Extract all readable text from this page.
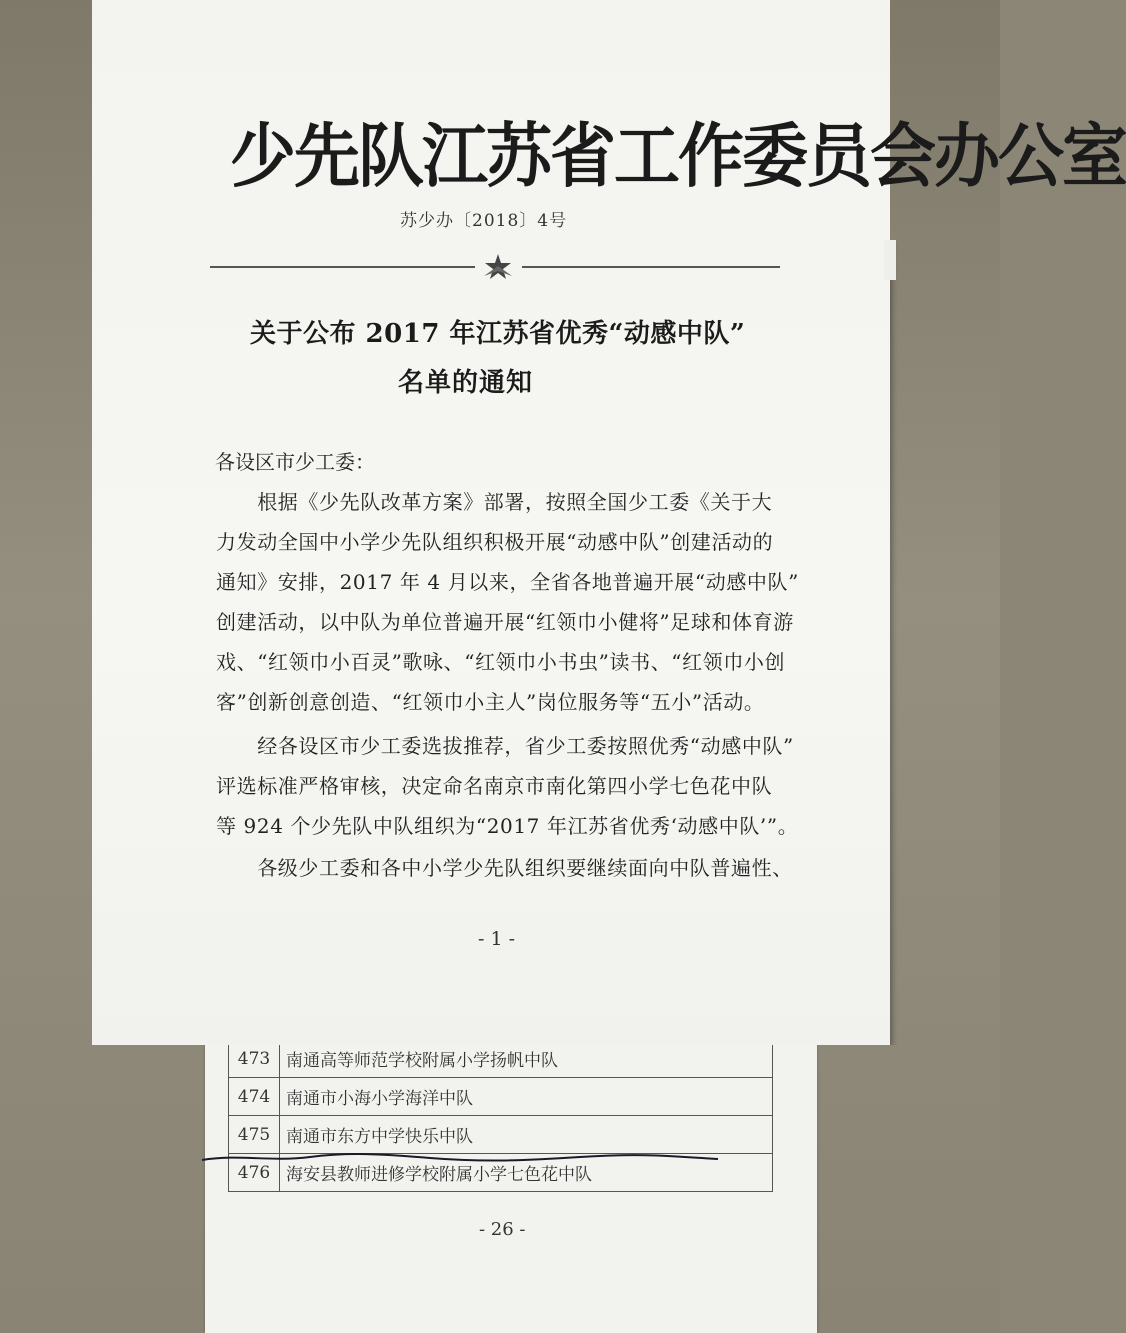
473	南通高等师范学校附属小学扬帆中队
474	南通市小海小学海洋中队
475	南通市东方中学快乐中队
476	海安县教师进修学校附属小学七色花中队
- 26 -
少先队江苏省工作委员会办公室
苏少办〔2018〕4号
关于公布 2017 年江苏省优秀“动感中队”
名单的通知
各设区市少工委：
　　根据《少先队改革方案》部署，按照全国少工委《关于大
力发动全国中小学少先队组织积极开展“动感中队”创建活动的
通知》安排，2017 年 4 月以来，全省各地普遍开展“动感中队”
创建活动，以中队为单位普遍开展“红领巾小健将”足球和体育游
戏、“红领巾小百灵”歌咏、“红领巾小书虫”读书、“红领巾小创
客”创新创意创造、“红领巾小主人”岗位服务等“五小”活动。
　　经各设区市少工委选拔推荐，省少工委按照优秀“动感中队”
评选标准严格审核，决定命名南京市南化第四小学七色花中队
等 924 个少先队中队组织为“2017 年江苏省优秀‘动感中队’”。
　　各级少工委和各中小学少先队组织要继续面向中队普遍性、
- 1 -
